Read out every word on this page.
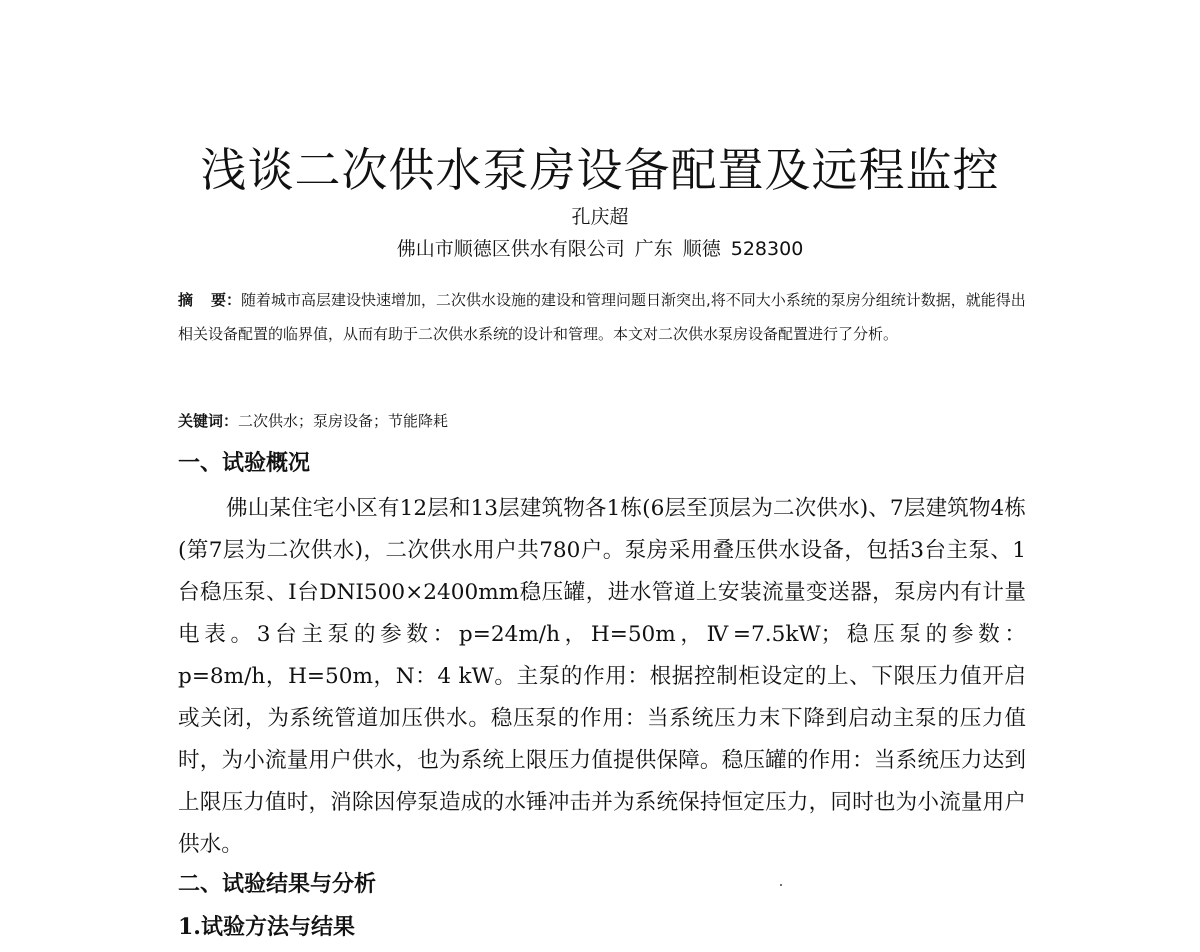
浅谈二次供水泵房设备配置及远程监控
孔庆超
佛山市顺德区供水有限公司 广东 顺德 528300
摘 要：随着城市高层建设快速增加，二次供水设施的建设和管理问题日渐突出,将不同大小系统的泵房分组统计数据，就能得出相关设备配置的临界值，从而有助于二次供水系统的设计和管理。本文对二次供水泵房设备配置进行了分析。
关键词：二次供水；泵房设备；节能降耗
一、试验概况

佛山某住宅小区有12层和13层建筑物各1栋(6层至顶层为二次供水)、7层建筑物4栋(第7层为二次供水)，二次供水用户共780户。泵房采用叠压供水设备，包括3台主泵、1台稳压泵、I台DNI500×2400mm稳压罐，进水管道上安装流量变送器，泵房内有计量电表。3台主泵的参数：p=24m/h，H=50m，Ⅳ=7.5kW；稳压泵的参数：p=8m/h，H=50m，N：4 kW。主泵的作用：根据控制柜设定的上、下限压力值开启或关闭，为系统管道加压供水。稳压泵的作用：当系统压力末下降到启动主泵的压力值时，为小流量用户供水，也为系统上限压力值提供保障。稳压罐的作用：当系统压力达到上限压力值时，消除因停泵造成的水锤冲击并为系统保持恒定压力，同时也为小流量用户供水。

二、试验结果与分析
1.试验方法与结果
